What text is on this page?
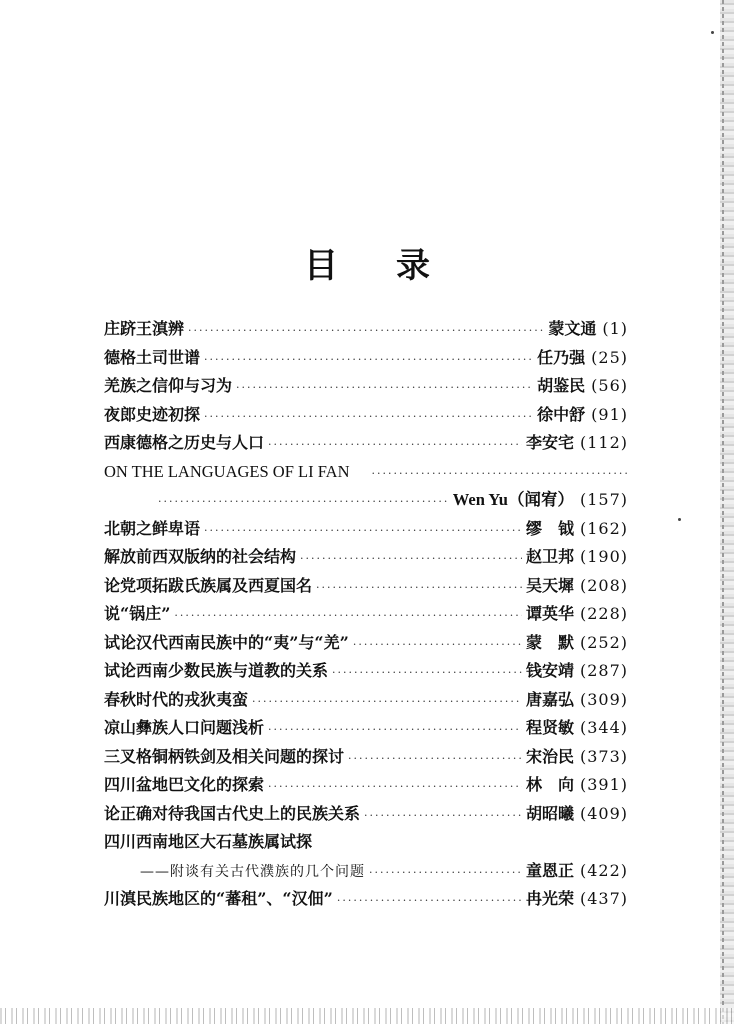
目 录
庄跻王滇辨 ·····	蒙文通 (1)
德格土司世谱 ·····	任乃强 (25)
羌族之信仰与习为 ·····	胡鉴民 (56)
夜郎史迹初探 ·····	徐中舒 (91)
西康德格之历史与人口 ·····	李安宅 (112)
ON THE LANGUAGES OF LI FAN
·····
·····
Wen Yu（闻宥） (157)
北朝之鲜卑语 ·····	缪　钺 (162)
解放前西双版纳的社会结构 ·····	赵卫邦 (190)
论党项拓跋氏族属及西夏国名 ·····	吴天墀 (208)
说“锅庄” ·····	谭英华 (228)
试论汉代西南民族中的“夷”与“羌” ·····	蒙　默 (252)
试论西南少数民族与道教的关系 ·····	钱安靖 (287)
春秋时代的戎狄夷蛮 ·····	唐嘉弘 (309)
凉山彝族人口问题浅析 ·····	程贤敏 (344)
三叉格铜柄铁剑及相关问题的探讨 ·····	宋治民 (373)
四川盆地巴文化的探索 ·····	林　向 (391)
论正确对待我国古代史上的民族关系 ·····	胡昭曦 (409)
四川西南地区大石墓族属试探
——附谈有关古代濮族的几个问题 ·····	童恩正 (422)
川滇民族地区的“蕃租”、“汉佃” ·····	冉光荣 (437)
